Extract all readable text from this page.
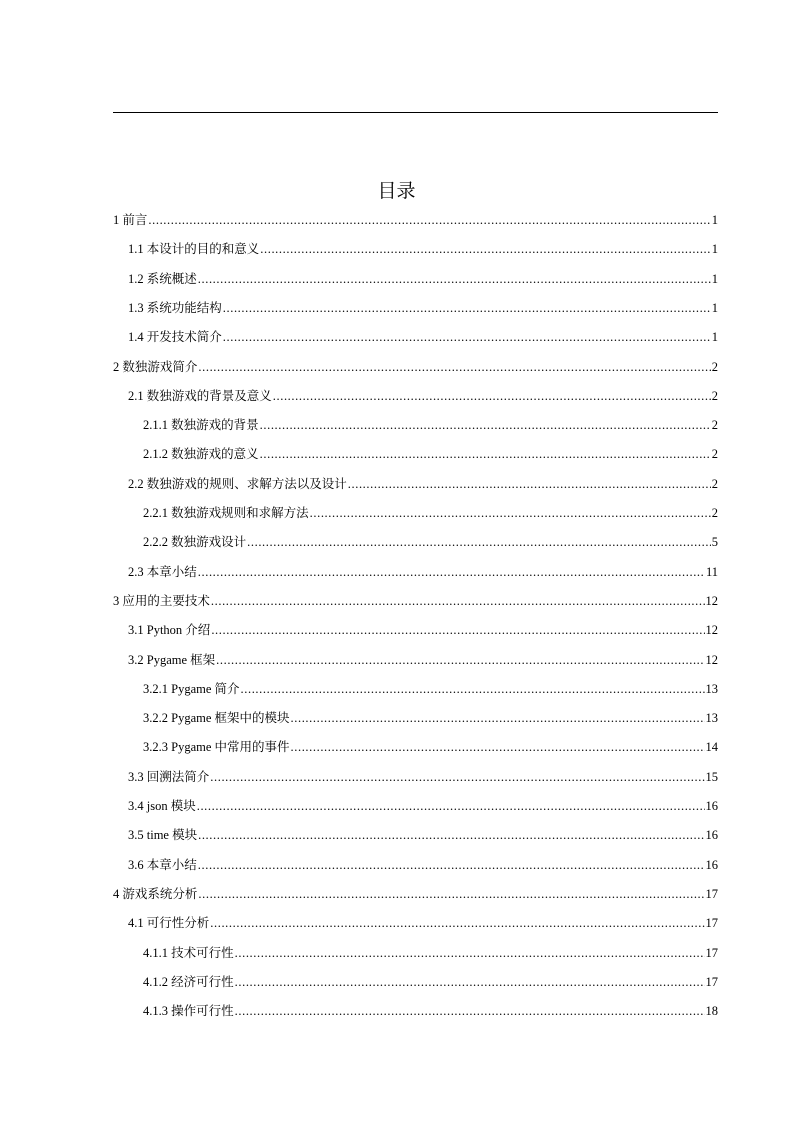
目录
1 前言 .....	1
1.1 本设计的目的和意义 .....	1
1.2 系统概述 .....	1
1.3 系统功能结构 .....	1
1.4 开发技术简介 .....	1
2 数独游戏简介 .....	2
2.1 数独游戏的背景及意义 .....	2
2.1.1 数独游戏的背景 .....	2
2.1.2 数独游戏的意义 .....	2
2.2 数独游戏的规则、求解方法以及设计 .....	2
2.2.1 数独游戏规则和求解方法 .....	2
2.2.2 数独游戏设计 .....	5
2.3 本章小结 .....	11
3 应用的主要技术 .....	12
3.1 Python 介绍 .....	12
3.2 Pygame 框架 .....	12
3.2.1 Pygame 简介 .....	13
3.2.2 Pygame 框架中的模块 .....	13
3.2.3 Pygame 中常用的事件 .....	14
3.3 回溯法简介 .....	15
3.4 json 模块 .....	16
3.5 time 模块 .....	16
3.6 本章小结 .....	16
4 游戏系统分析 .....	17
4.1 可行性分析 .....	17
4.1.1 技术可行性 .....	17
4.1.2 经济可行性 .....	17
4.1.3 操作可行性 .....	18
